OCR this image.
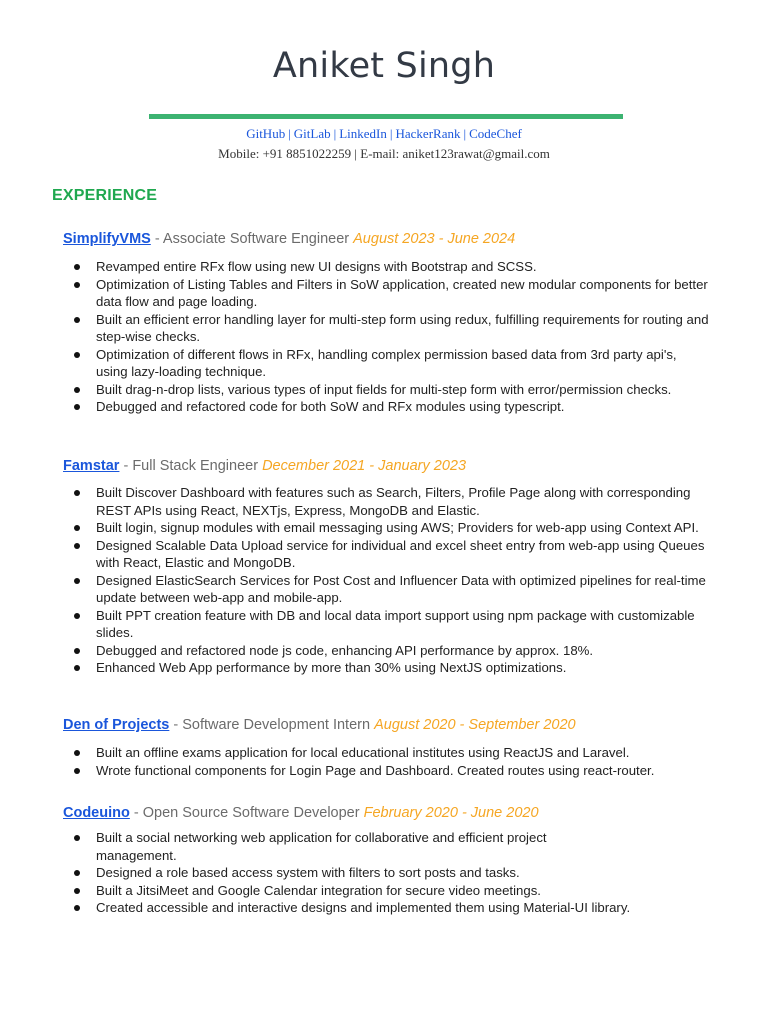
Aniket Singh
GitHub | GitLab | LinkedIn | HackerRank | CodeChef
Mobile: +91 8851022259 | E-mail: aniket123rawat@gmail.com
EXPERIENCE
SimplifyVMS - Associate Software Engineer August 2023 - June 2024
Revamped entire RFx flow using new UI designs with Bootstrap and SCSS.
Optimization of Listing Tables and Filters in SoW application, created new modular components for better data flow and page loading.
Built an efficient error handling layer for multi-step form using redux, fulfilling requirements for routing and step-wise checks.
Optimization of different flows in RFx, handling complex permission based data from 3rd party api's, using lazy-loading technique.
Built drag-n-drop lists, various types of input fields for multi-step form with error/permission checks.
Debugged and refactored code for both SoW and RFx modules using typescript.
Famstar - Full Stack Engineer December 2021 - January 2023
Built Discover Dashboard with features such as Search, Filters, Profile Page along with corresponding REST APIs using React, NEXTjs, Express, MongoDB and Elastic.
Built login, signup modules with email messaging using AWS; Providers for web-app using Context API.
Designed Scalable Data Upload service for individual and excel sheet entry from web-app using Queues with React, Elastic and MongoDB.
Designed ElasticSearch Services for Post Cost and Influencer Data with optimized pipelines for real-time update between web-app and mobile-app.
Built PPT creation feature with DB and local data import support using npm package with customizable slides.
Debugged and refactored node js code, enhancing API performance by approx. 18%.
Enhanced Web App performance by more than 30% using NextJS optimizations.
Den of Projects - Software Development Intern August 2020 - September 2020
Built an offline exams application for local educational institutes using ReactJS and Laravel.
Wrote functional components for Login Page and Dashboard. Created routes using react-router.
Codeuino - Open Source Software Developer February 2020 - June 2020
Built a social networking web application for collaborative and efficient project management.
Designed a role based access system with filters to sort posts and tasks.
Built a JitsiMeet and Google Calendar integration for secure video meetings.
Created accessible and interactive designs and implemented them using Material-UI library.
